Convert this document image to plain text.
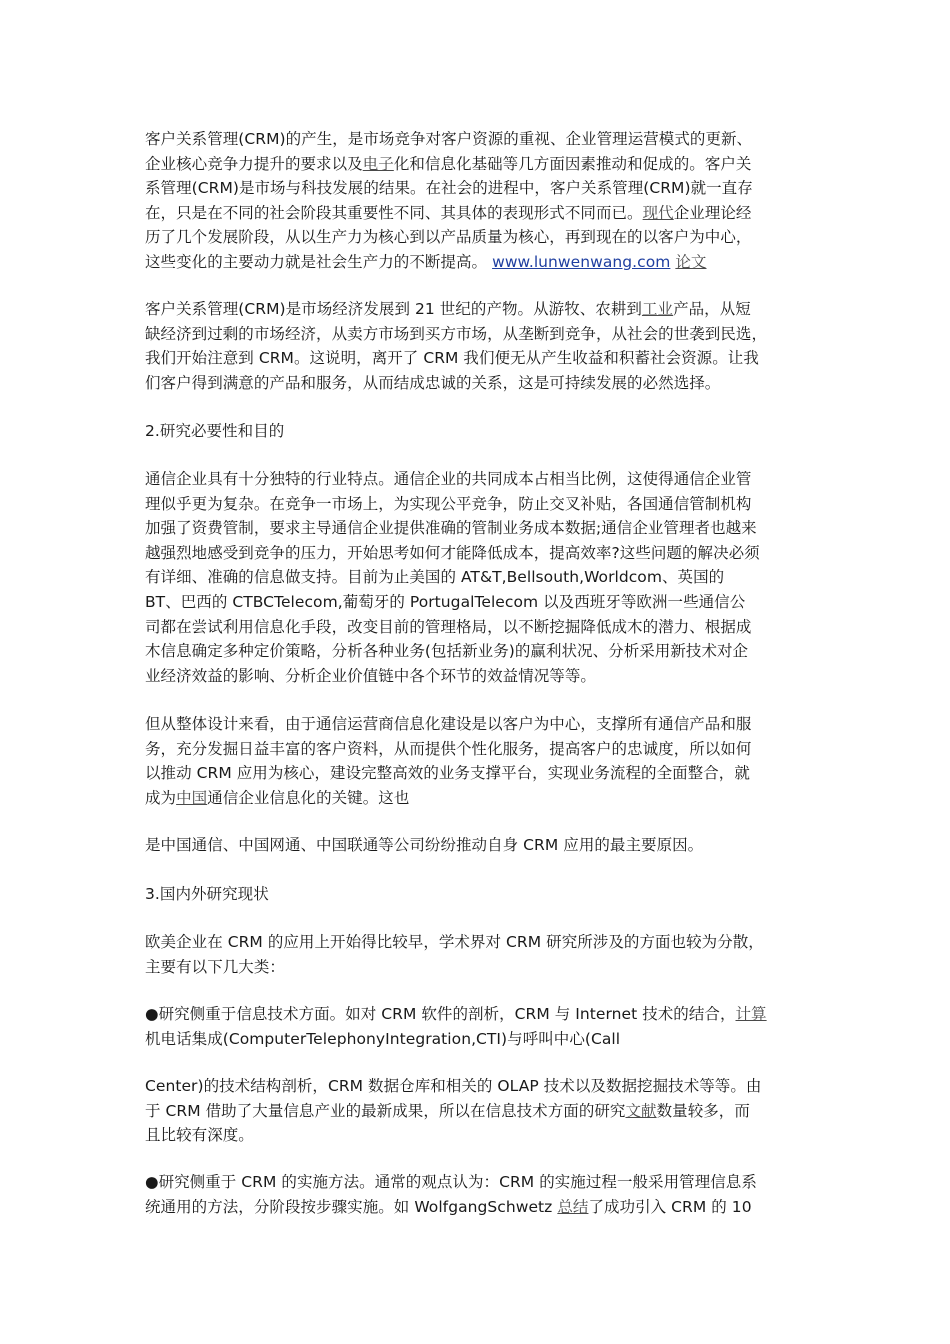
客户关系管理(CRM)的产生，是市场竞争对客户资源的重视、企业管理运营模式的更新、
企业核心竞争力提升的要求以及电子化和信息化基础等几方面因素推动和促成的。客户关
系管理(CRM)是市场与科技发展的结果。在社会的进程中，客户关系管理(CRM)就一直存
在，只是在不同的社会阶段其重要性不同、其具体的表现形式不同而已。现代企业理论经
历了几个发展阶段，从以生产力为核心到以产品质量为核心，再到现在的以客户为中心，
这些变化的主要动力就是社会生产力的不断提高。 www.lunwenwang.com 论文

客户关系管理(CRM)是市场经济发展到 21 世纪的产物。从游牧、农耕到工业产品，从短
缺经济到过剩的市场经济，从卖方市场到买方市场，从垄断到竞争，从社会的世袭到民选，
我们开始注意到 CRM。这说明，离开了 CRM 我们便无从产生收益和积蓄社会资源。让我
们客户得到满意的产品和服务，从而结成忠诚的关系，这是可持续发展的必然选择。

2.研究必要性和目的

通信企业具有十分独特的行业特点。通信企业的共同成本占相当比例，这使得通信企业管
理似乎更为复杂。在竞争一市场上，为实现公平竞争，防止交叉补贴，各国通信管制机构
加强了资费管制，要求主导通信企业提供准确的管制业务成本数据;通信企业管理者也越来
越强烈地感受到竞争的压力，开始思考如何才能降低成本，提高效率?这些问题的解决必须
有详细、准确的信息做支持。目前为止美国的 AT&T,Bellsouth,Worldcom、英国的
BT、巴西的 CTBCTelecom,葡萄牙的 PortugalTelecom 以及西班牙等欧洲一些通信公
司都在尝试利用信息化手段，改变目前的管理格局，以不断挖掘降低成木的潜力、根据成
木信息确定多种定价策略，分析各种业务(包括新业务)的赢利状况、分析采用新技术对企
业经济效益的影响、分析企业价值链中各个环节的效益情况等等。

但从整体设计来看，由于通信运营商信息化建设是以客户为中心，支撑所有通信产品和服
务，充分发掘日益丰富的客户资料，从而提供个性化服务，提高客户的忠诚度，所以如何
以推动 CRM 应用为核心，建设完整高效的业务支撑平台，实现业务流程的全面整合，就
成为中国通信企业信息化的关键。这也

是中国通信、中国网通、中国联通等公司纷纷推动自身 CRM 应用的最主要原因。

3.国内外研究现状

欧美企业在 CRM 的应用上开始得比较早，学术界对 CRM 研究所涉及的方面也较为分散，
主要有以下几大类：

●研究侧重于信息技术方面。如对 CRM 软件的剖析，CRM 与 Internet 技术的结合，计算
机电话集成(ComputerTelephonyIntegration,CTI)与呼叫中心(Call

Center)的技术结构剖析，CRM 数据仓库和相关的 OLAP 技术以及数据挖掘技术等等。由
于 CRM 借助了大量信息产业的最新成果，所以在信息技术方面的研究文献数量较多，而
且比较有深度。

●研究侧重于 CRM 的实施方法。通常的观点认为：CRM 的实施过程一般采用管理信息系
统通用的方法，分阶段按步骤实施。如 WolfgangSchwetz 总结了成功引入 CRM 的 10
